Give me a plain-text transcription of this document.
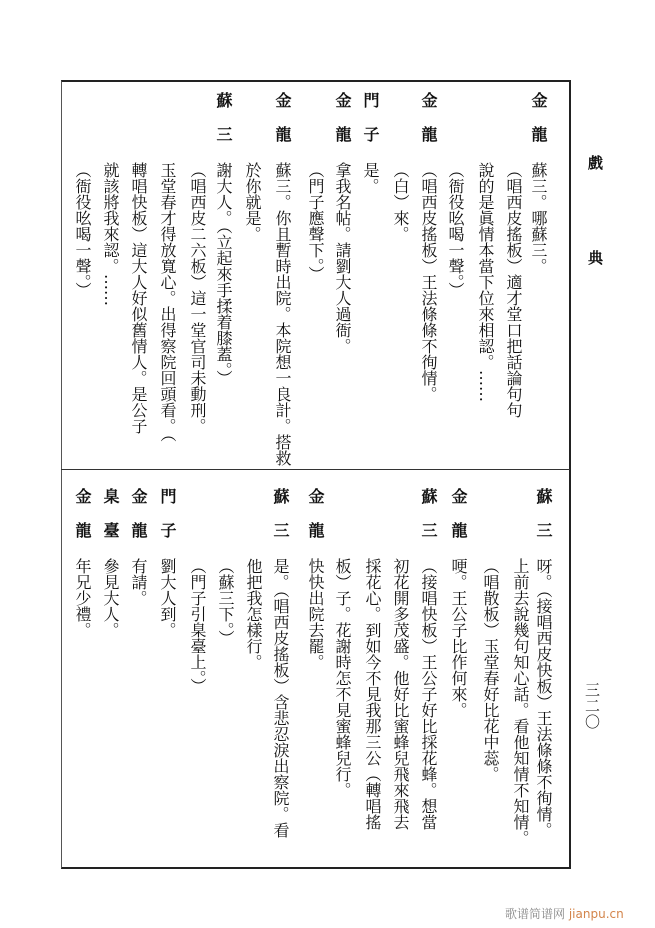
戲
典
三二〇
金龍
蘇三。哪蘇三。
（唱西皮搖板）適才堂口把話論句句
說的是眞情本當下位來相認。……
（衙役吆喝一聲。）
金龍
（唱西皮搖板）王法條條不徇情。
（白）來。
門子
是。
金龍
拿我名帖。請劉大人過衙。
（門子應聲下。）
金龍
蘇三。你且暫時出院。本院想一良計。搭救
於你就是。
蘇三
謝大人。（立起來手揉着膝蓋。）
（唱西皮二六板）這一堂官司未動刑。
玉堂春才得放寬心。出得察院回頭看。（
轉唱快板）這大人好似舊情人。是公子
就該將我來認。……
（衙役吆喝一聲。）
蘇三
呀。（接唱西皮快板）王法條條不徇情。
上前去說幾句知心話。看他知情不知情。
（唱散板）玉堂春好比花中蕊。
金龍
哽。王公子比作何來。
蘇三
（接唱快板）王公子好比採花蜂。想當
初花開多茂盛。他好比蜜蜂兒飛來飛去
採花心。到如今不見我那三公（轉唱搖
板）子。花謝時怎不見蜜蜂兒行。
金龍
快快出院去罷。
蘇三
是。（唱西皮搖板）含悲忍淚出察院。看
他把我怎樣行。
（蘇三下。）
（門子引臬臺上。）
門子
劉大人到。
金龍
有請。
臬臺
參見大人。
金龍
年兄少禮。
歌谱简谱网 jianpu.cn
